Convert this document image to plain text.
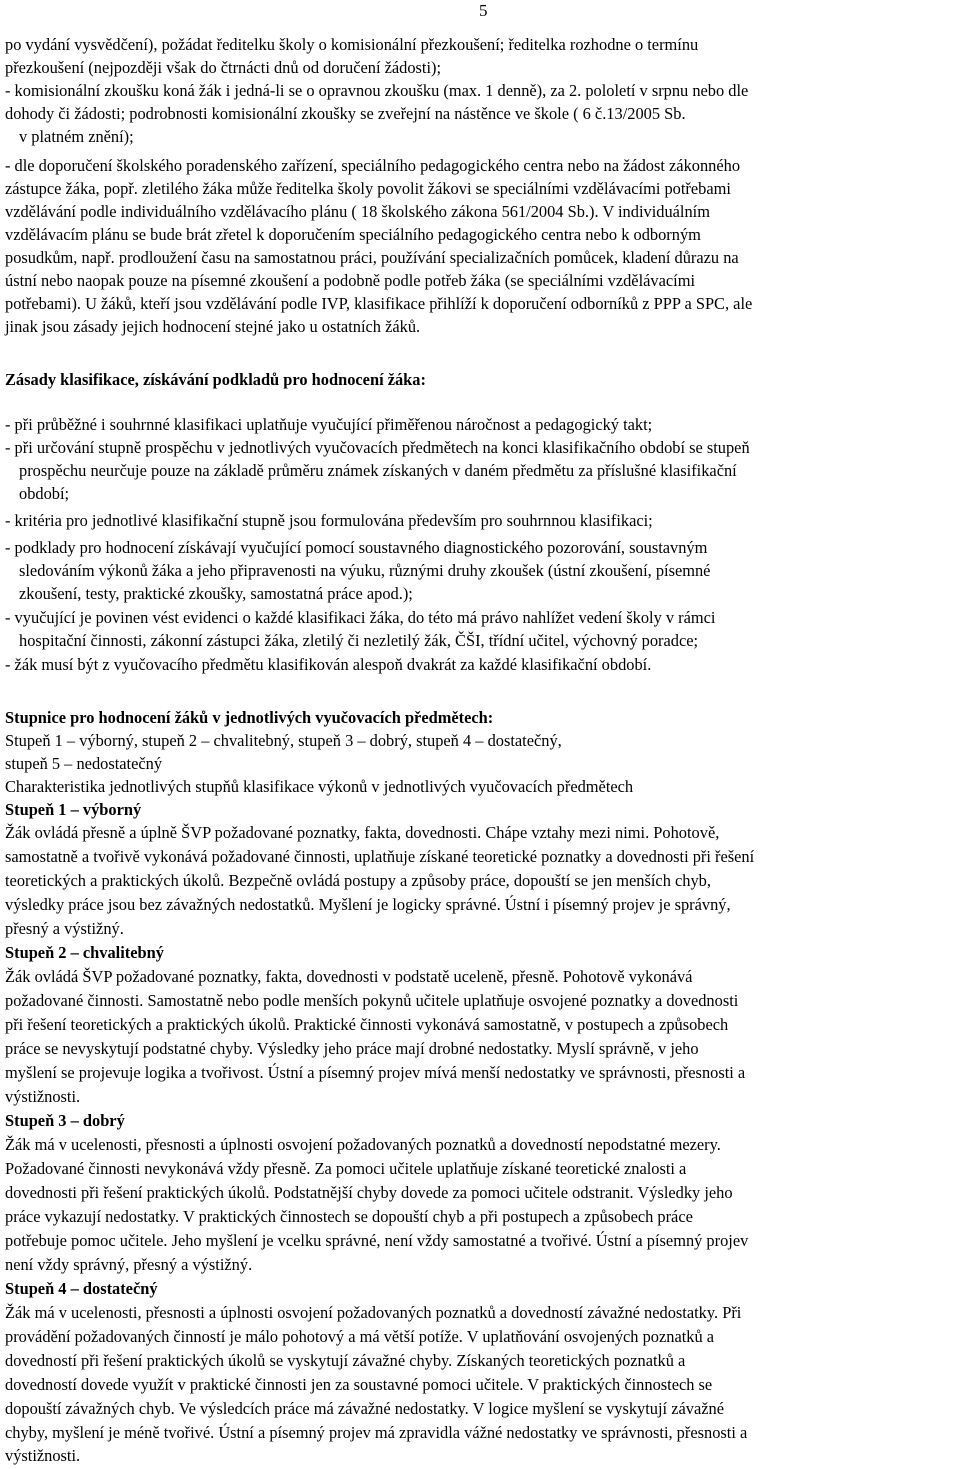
5
po vydání vysvědčení), požádat ředitelku školy o komisionální přezkoušení; ředitelka rozhodne o termínu
přezkoušení (nejpozději však do čtrnácti dnů od doručení žádosti);
- komisionální zkoušku koná žák i jedná-li se o opravnou zkoušku (max. 1 denně), za 2. pololetí v srpnu nebo dle
dohody či žádosti; podrobnosti komisionální zkoušky se zveřejní na nástěnce ve škole ( 6 č.13/2005 Sb.
v platném znění);
- dle doporučení školského poradenského zařízení, speciálního pedagogického centra nebo na žádost zákonného
zástupce žáka, popř. zletilého žáka může ředitelka školy povolit žákovi se speciálními vzdělávacími potřebami
vzdělávání podle individuálního vzdělávacího plánu ( 18 školského zákona 561/2004 Sb.). V individuálním
vzdělávacím plánu se bude brát zřetel k doporučením speciálního pedagogického centra nebo k odborným
posudkům, např. prodloužení času na samostatnou práci, používání specializačních pomůcek, kladení důrazu na
ústní nebo naopak pouze na písemné zkoušení a podobně podle potřeb žáka (se speciálními vzdělávacími
potřebami). U žáků, kteří jsou vzdělávání podle IVP, klasifikace přihlíží k doporučení odborníků z PPP a SPC, ale
jinak jsou zásady jejich hodnocení stejné jako u ostatních žáků.
Zásady klasifikace, získávání podkladů pro hodnocení žáka:
- při průběžné i souhrnné klasifikaci uplatňuje vyučující přiměřenou náročnost a pedagogický takt;
- při určování stupně prospěchu v jednotlivých vyučovacích předmětech na konci klasifikačního období se stupeň
prospěchu neurčuje pouze na základě průměru známek získaných v daném předmětu za příslušné klasifikační
období;
- kritéria pro jednotlivé klasifikační stupně jsou formulována především pro souhrnnou klasifikaci;
- podklady pro hodnocení získávají vyučující pomocí soustavného diagnostického pozorování, soustavným
sledováním výkonů žáka a jeho připravenosti na výuku, různými druhy zkoušek (ústní zkoušení, písemné
zkoušení, testy, praktické zkoušky, samostatná práce apod.);
- vyučující je povinen vést evidenci o každé klasifikaci žáka, do této má právo nahlížet vedení školy v rámci
hospitační činnosti, zákonní zástupci žáka, zletilý či nezletilý žák, ČŠI, třídní učitel, výchovný poradce;
- žák musí být z vyučovacího předmětu klasifikován alespoň dvakrát za každé klasifikační období.
Stupnice pro hodnocení žáků v jednotlivých vyučovacích předmětech:
Stupeň 1 – výborný, stupeň 2 – chvalitebný, stupeň 3 – dobrý, stupeň 4 – dostatečný,
stupeň 5 – nedostatečný
Charakteristika jednotlivých stupňů klasifikace výkonů v jednotlivých vyučovacích předmětech
Stupeň 1 – výborný
Žák ovládá přesně a úplně ŠVP požadované poznatky, fakta, dovednosti. Chápe vztahy mezi nimi. Pohotově,
samostatně a tvořivě vykonává požadované činnosti, uplatňuje získané teoretické poznatky a dovednosti při řešení
teoretických a praktických úkolů. Bezpečně ovládá postupy a způsoby práce, dopouští se jen menších chyb,
výsledky práce jsou bez závažných nedostatků. Myšlení je logicky správné. Ústní i písemný projev je správný,
přesný a výstižný.
Stupeň 2 – chvalitebný
Žák ovládá ŠVP požadované poznatky, fakta, dovednosti v podstatě uceleně, přesně. Pohotově vykonává
požadované činnosti. Samostatně nebo podle menších pokynů učitele uplatňuje osvojené poznatky a dovednosti
při řešení teoretických a praktických úkolů. Praktické činnosti vykonává samostatně, v postupech a způsobech
práce se nevyskytují podstatné chyby. Výsledky jeho práce mají drobné nedostatky. Myslí správně, v jeho
myšlení se projevuje logika a tvořivost. Ústní a písemný projev mívá menší nedostatky ve správnosti, přesnosti a
výstižnosti.
Stupeň 3 – dobrý
Žák má v ucelenosti, přesnosti a úplnosti osvojení požadovaných poznatků a dovedností nepodstatné mezery.
Požadované činnosti nevykonává vždy přesně. Za pomoci učitele uplatňuje získané teoretické znalosti a
dovednosti při řešení praktických úkolů. Podstatnější chyby dovede za pomoci učitele odstranit. Výsledky jeho
práce vykazují nedostatky. V praktických činnostech se dopouští chyb a při postupech a způsobech práce
potřebuje pomoc učitele. Jeho myšlení je vcelku správné, není vždy samostatné a tvořivé. Ústní a písemný projev
není vždy správný, přesný a výstižný.
Stupeň 4 – dostatečný
Žák má v ucelenosti, přesnosti a úplnosti osvojení požadovaných poznatků a dovedností závažné nedostatky. Při
provádění požadovaných činností je málo pohotový a má větší potíže. V uplatňování osvojených poznatků a
dovedností při řešení praktických úkolů se vyskytují závažné chyby. Získaných teoretických poznatků a
dovedností dovede využít v praktické činnosti jen za soustavné pomoci učitele. V praktických činnostech se
dopouští závažných chyb. Ve výsledcích práce má závažné nedostatky. V logice myšlení se vyskytují závažné
chyby, myšlení je méně tvořivé. Ústní a písemný projev má zpravidla vážné nedostatky ve správnosti, přesnosti a
výstižnosti.
